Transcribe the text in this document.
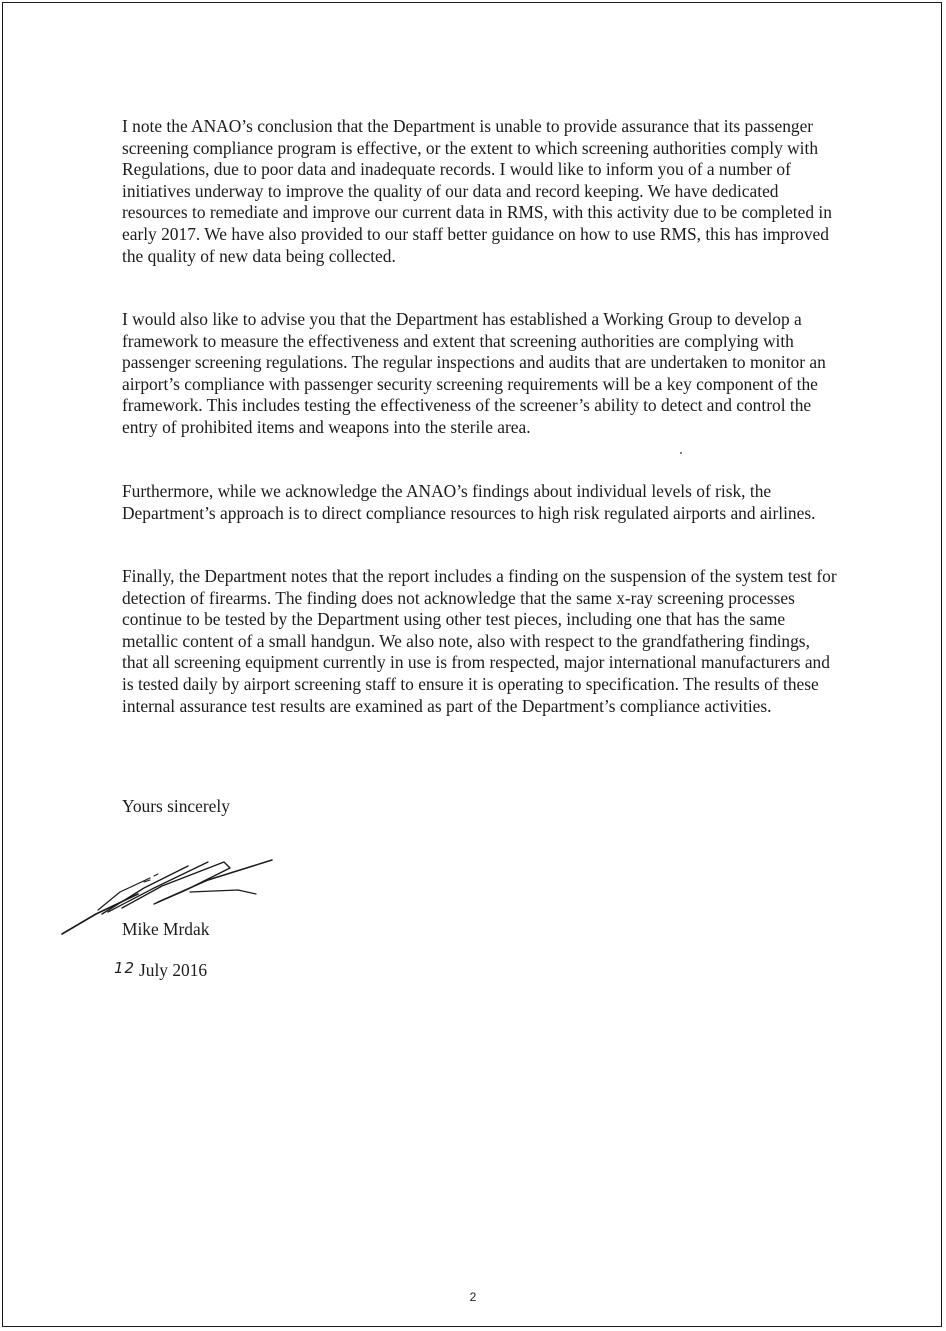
I note the ANAO’s conclusion that the Department is unable to provide assurance that its passenger screening compliance program is effective, or the extent to which screening authorities comply with Regulations, due to poor data and inadequate records. I would like to inform you of a number of initiatives underway to improve the quality of our data and record keeping. We have dedicated resources to remediate and improve our current data in RMS, with this activity due to be completed in early 2017. We have also provided to our staff better guidance on how to use RMS, this has improved the quality of new data being collected.

I would also like to advise you that the Department has established a Working Group to develop a framework to measure the effectiveness and extent that screening authorities are complying with passenger screening regulations. The regular inspections and audits that are undertaken to monitor an airport’s compliance with passenger security screening requirements will be a key component of the framework. This includes testing the effectiveness of the screener’s ability to detect and control the entry of prohibited items and weapons into the sterile area.

Furthermore, while we acknowledge the ANAO’s findings about individual levels of risk, the Department’s approach is to direct compliance resources to high risk regulated airports and airlines.

Finally, the Department notes that the report includes a finding on the suspension of the system test for detection of firearms. The finding does not acknowledge that the same x-ray screening processes continue to be tested by the Department using other test pieces, including one that has the same metallic content of a small handgun. We also note, also with respect to the grandfathering findings, that all screening equipment currently in use is from respected, major international manufacturers and is tested daily by airport screening staff to ensure it is operating to specification. The results of these internal assurance test results are examined as part of the Department’s compliance activities.

Yours sincerely

Mike Mrdak

12 July 2016
2
